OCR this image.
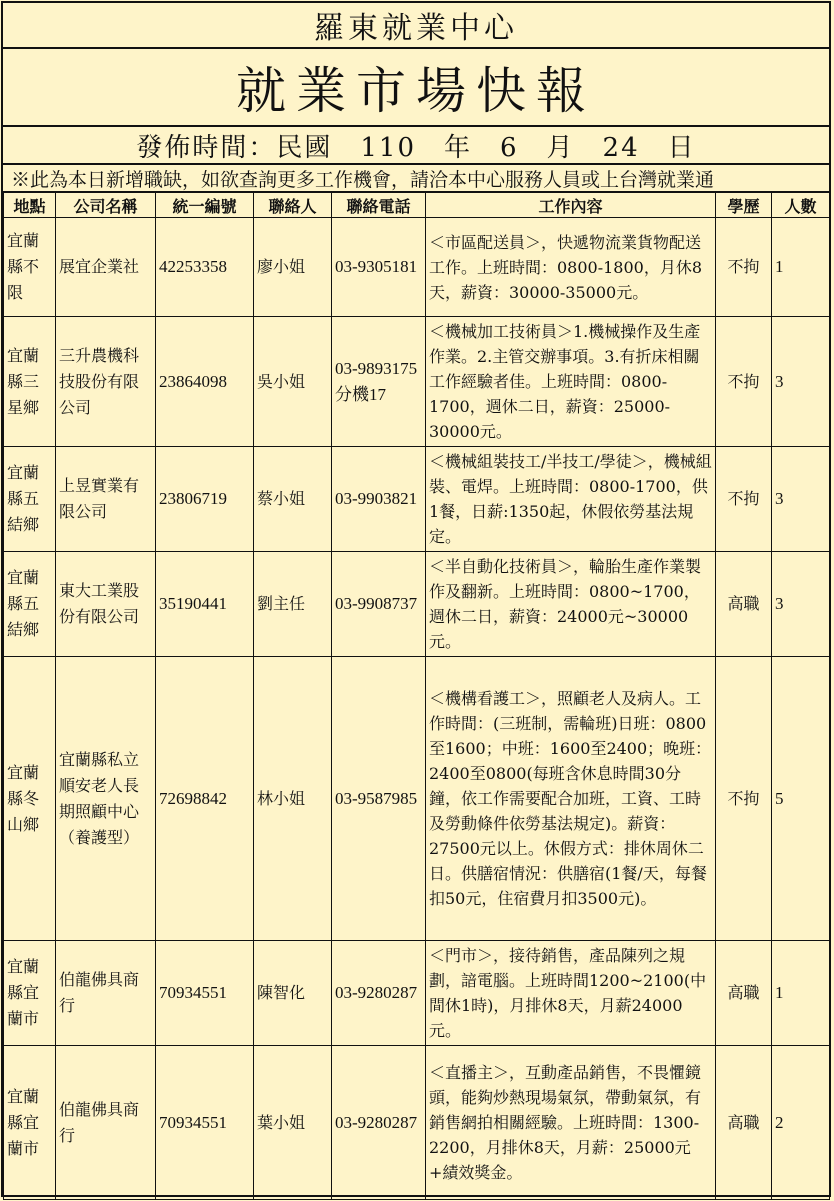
羅東就業中心
就業市場快報
發佈時間：民國　110　年　6　月　24　日
※此為本日新增職缺，如欲查詢更多工作機會，請洽本中心服務人員或上台灣就業通
地點	公司名稱	統一編號	聯絡人	聯絡電話	工作內容	學歷	人數
宜蘭縣不限	展宜企業社	42253358	廖小姐	03-9305181	＜市區配送員＞，快遞物流業貨物配送工作。上班時間：0800-1800，月休8天，薪資：30000-35000元。	不拘	1
宜蘭縣三星鄉	三升農機科技股份有限公司	23864098	吳小姐	03-9893175分機17	＜機械加工技術員＞1.機械操作及生產作業。2.主管交辦事項。3.有折床相關工作經驗者佳。上班時間：0800-1700，週休二日，薪資：25000-30000元。	不拘	3
宜蘭縣五結鄉	上昱實業有限公司	23806719	蔡小姐	03-9903821	＜機械組裝技工/半技工/學徒＞，機械組裝、電焊。上班時間：0800-1700，供1餐，日薪:1350起，休假依勞基法規定。	不拘	3
宜蘭縣五結鄉	東大工業股份有限公司	35190441	劉主任	03-9908737	＜半自動化技術員＞，輪胎生產作業製作及翻新。上班時間：0800~1700，週休二日，薪資：24000元~30000元。	高職	3
宜蘭縣冬山鄉	宜蘭縣私立順安老人長期照顧中心（養護型）	72698842	林小姐	03-9587985	＜機構看護工＞，照顧老人及病人。工作時間：(三班制，需輪班)日班：0800至1600；中班：1600至2400；晚班：2400至0800(每班含休息時間30分鐘，依工作需要配合加班，工資、工時及勞動條件依勞基法規定)。薪資：27500元以上。休假方式：排休周休二日。供膳宿情況：供膳宿(1餐/天，每餐扣50元，住宿費月扣3500元)。	不拘	5
宜蘭縣宜蘭市	伯龍佛具商行	70934551	陳智化	03-9280287	＜門市＞，接待銷售，產品陳列之規劃，諳電腦。上班時間1200~2100(中間休1時)，月排休8天，月薪24000元。	高職	1
宜蘭縣宜蘭市	伯龍佛具商行	70934551	葉小姐	03-9280287	＜直播主＞，互動產品銷售，不畏懼鏡頭，能夠炒熱現場氣氛，帶動氣氛，有銷售網拍相關經驗。上班時間：1300-2200，月排休8天，月薪：25000元+績效獎金。	高職	2
